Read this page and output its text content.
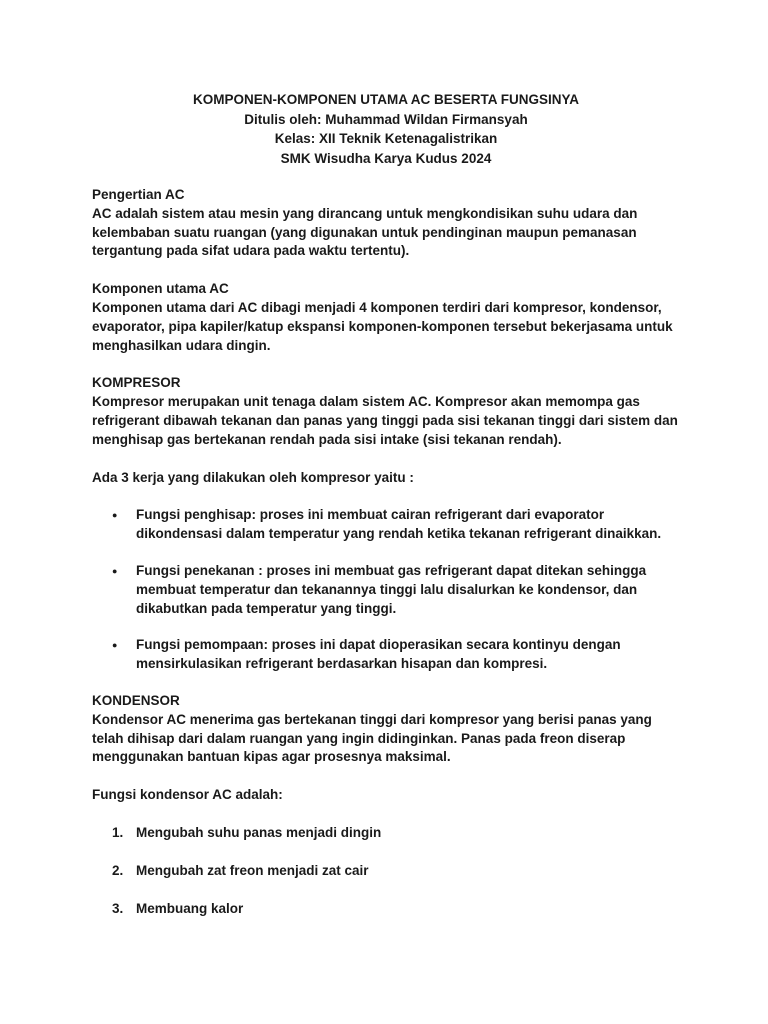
KOMPONEN-KOMPONEN UTAMA AC BESERTA FUNGSINYA
Ditulis oleh: Muhammad Wildan Firmansyah
Kelas: XII Teknik Ketenagalistrikan
SMK Wisudha Karya Kudus 2024

Pengertian AC

AC adalah sistem atau mesin yang dirancang untuk mengkondisikan suhu udara dan kelembaban suatu ruangan (yang digunakan untuk pendinginan maupun pemanasan tergantung pada sifat udara pada waktu tertentu).

Komponen utama AC

Komponen utama dari AC dibagi menjadi 4 komponen terdiri dari kompresor, kondensor, evaporator, pipa kapiler/katup ekspansi komponen-komponen tersebut bekerjasama untuk menghasilkan udara dingin.

KOMPRESOR

Kompresor merupakan unit tenaga dalam sistem AC. Kompresor akan memompa gas refrigerant dibawah tekanan dan panas yang tinggi pada sisi tekanan tinggi dari sistem dan menghisap gas bertekanan rendah pada sisi intake (sisi tekanan rendah).

Ada 3 kerja yang dilakukan oleh kompresor yaitu :

● Fungsi penghisap: proses ini membuat cairan refrigerant dari evaporator dikondensasi dalam temperatur yang rendah ketika tekanan refrigerant dinaikkan.
● Fungsi penekanan : proses ini membuat gas refrigerant dapat ditekan sehingga membuat temperatur dan tekanannya tinggi lalu disalurkan ke kondensor, dan dikabutkan pada temperatur yang tinggi.
● Fungsi pemompaan: proses ini dapat dioperasikan secara kontinyu dengan mensirkulasikan refrigerant berdasarkan hisapan dan kompresi.

KONDENSOR

Kondensor AC menerima gas bertekanan tinggi dari kompresor yang berisi panas yang telah dihisap dari dalam ruangan yang ingin didinginkan. Panas pada freon diserap menggunakan bantuan kipas agar prosesnya maksimal.

Fungsi kondensor AC adalah:

1. Mengubah suhu panas menjadi dingin
2. Mengubah zat freon menjadi zat cair
3. Membuang kalor
